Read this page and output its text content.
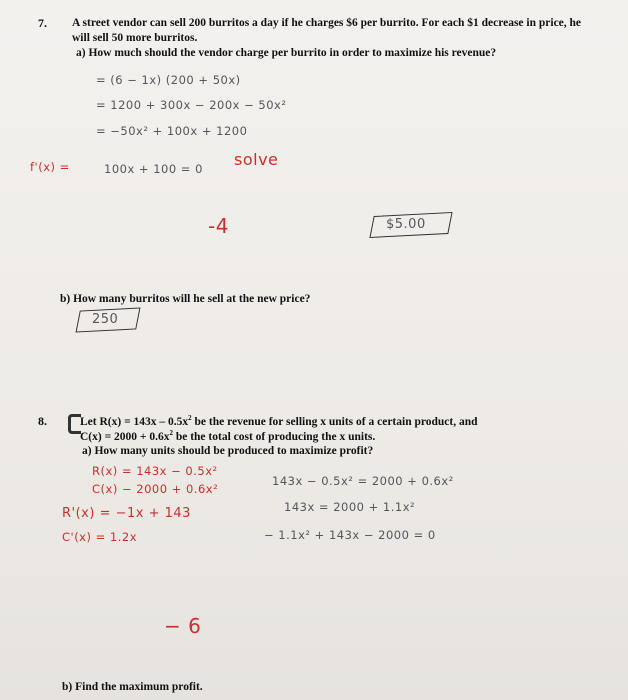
7. A street vendor can sell 200 burritos a day if he charges $6 per burrito. For each $1 decrease in price, he
will sell 50 more burritos.
a) How much should the vendor charge per burrito in order to maximize his revenue?
= (6 − 1x) (200 + 50x)
= 1200 + 300x − 200x − 50x²
= −50x² + 100x + 1200
f'(x) =	100x + 100 = 0 solve
-4	$5.00
b) How many burritos will he sell at the new price?
250
8.	Let $R(x) = 143x - 0.5x^2$ be the revenue for selling x units of a certain product, and
$C(x) = 2000 + 0.6x^2$ be the total cost of producing the x units.
a) How many units should be produced to maximize profit?
R(x) = 143x − 0.5x²
C(x) − 2000 + 0.6x²
R'(x) = −1x + 143
C'(x) = 1.2x
143x − 0.5x² = 2000 + 0.6x²
143x = 2000 + 1.1x²
− 1.1x² + 143x − 2000 = 0
− 6
b) Find the maximum profit.
